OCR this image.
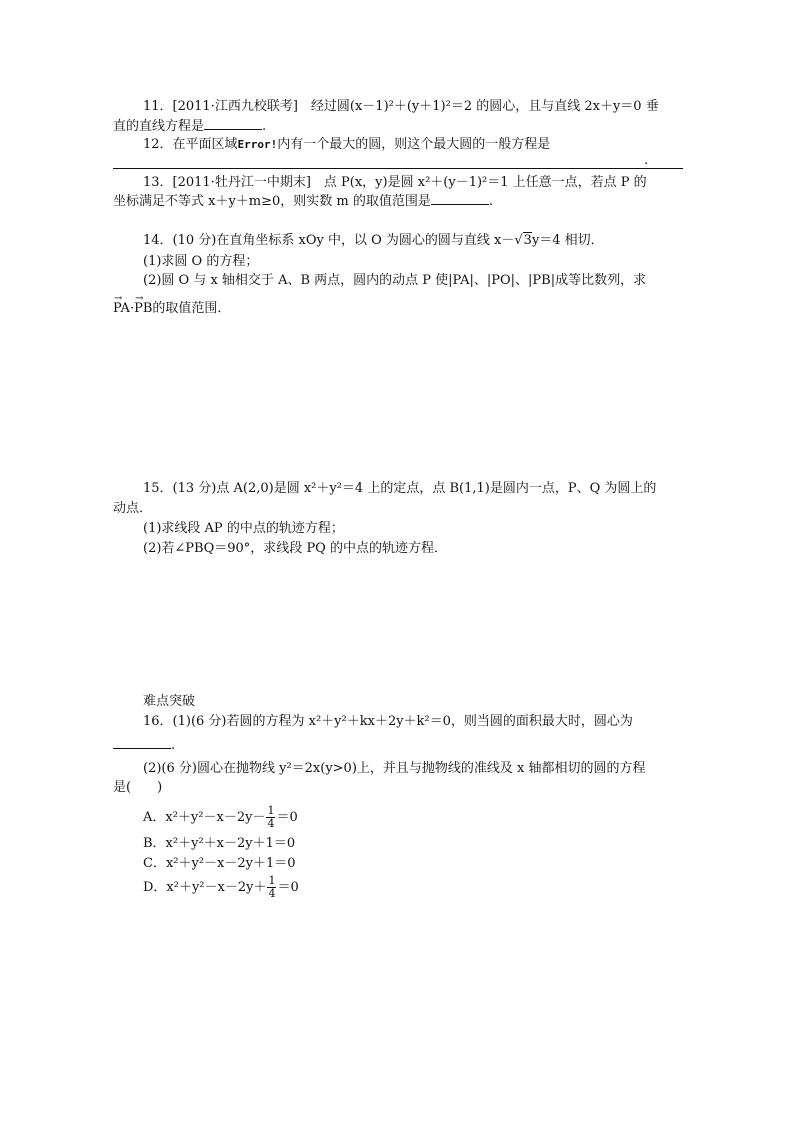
11．[2011·江西九校联考]　经过圆(x－1)²＋(y＋1)²＝2 的圆心，且与直线 2x＋y＝0 垂
直的直线方程是	.
12．在平面区域Error!内有一个最大的圆，则这个最大圆的一般方程是
.
13．[2011·牡丹江一中期末]　点 P(x，y)是圆 x²＋(y－1)²＝1 上任意一点，若点 P 的
坐标满足不等式 x＋y＋m≥0，则实数 m 的取值范围是	.
14．(10 分)在直角坐标系 xOy 中，以 O 为圆心的圆与直线 x－√3y＝4 相切．
(1)求圆 O 的方程；
(2)圆 O 与 x 轴相交于 A、B 两点，圆内的动点 P 使|PA|、|PO|、|PB|成等比数列，求
→ PA·→ PB的取值范围．
15．(13 分)点 A(2,0)是圆 x²＋y²＝4 上的定点，点 B(1,1)是圆内一点，P、Q 为圆上的
动点．
(1)求线段 AP 的中点的轨迹方程；
(2)若∠PBQ＝90°，求线段 PQ 的中点的轨迹方程．
难点突破
16．(1)(6 分)若圆的方程为 x²＋y²＋kx＋2y＋k²＝0，则当圆的面积最大时，圆心为
.
(2)(6 分)圆心在抛物线 y²＝2x(y>0)上，并且与抛物线的准线及 x 轴都相切的圆的方程
是(　　)
A．$x^2+y^2-x-2y- \frac{1}{4} =0$
B．x²＋y²＋x－2y＋1＝0
C．x²＋y²－x－2y＋1＝0
D．$x^2+y^2-x-2y+ \frac{1}{4} =0$
